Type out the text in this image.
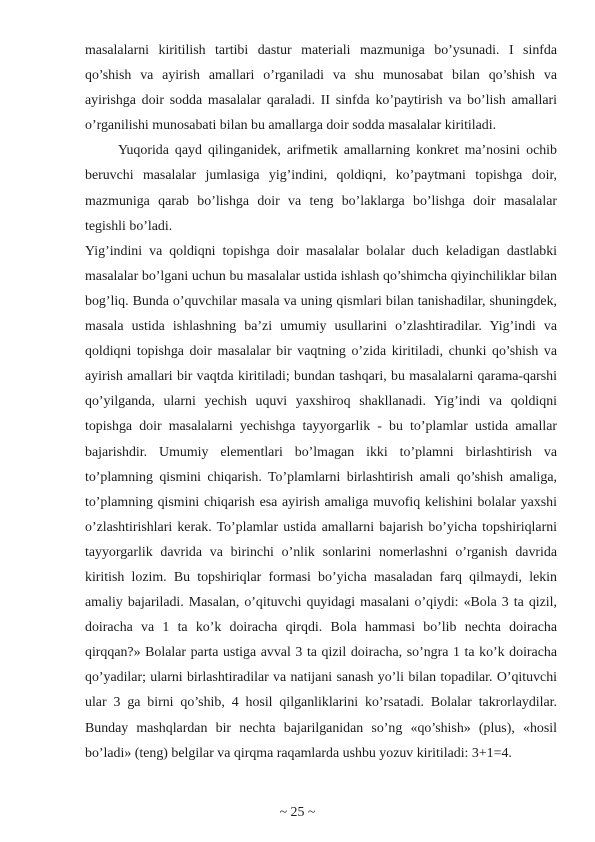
masalalarni kiritilish tartibi dastur materiali mazmuniga bo’ysunadi. I sinfda qo’shish va ayirish amallari o’rganiladi va shu munosabat bilan qo’shish va ayirishga doir sodda masalalar qaraladi. II sinfda ko’paytirish va bo’lish amallari o’rganilishi munosabati bilan bu amallarga doir sodda masalalar kiritiladi.

Yuqorida qayd qilinganidek, arifmetik amallarning konkret ma’nosini ochib beruvchi masalalar jumlasiga yig’indini, qoldiqni, ko’paytmani topishga doir, mazmuniga qarab bo’lishga doir va teng bo’laklarga bo’lishga doir masalalar tegishli bo’ladi.

Yig’indini va qoldiqni topishga doir masalalar bolalar duch keladigan dastlabki masalalar bo’lgani uchun bu masalalar ustida ishlash qo’shimcha qiyinchiliklar bilan bog’liq. Bunda o’quvchilar masala va uning qismlari bilan tanishadilar, shuningdek, masala ustida ishlashning ba’zi umumiy usullarini o’zlashtiradilar. Yig’indi va qoldiqni topishga doir masalalar bir vaqtning o’zida kiritiladi, chunki qo’shish va ayirish amallari bir vaqtda kiritiladi; bundan tashqari, bu masalalarni qarama-qarshi qo’yilganda, ularni yechish uquvi yaxshiroq shakllanadi. Yig’indi va qoldiqni topishga doir masalalarni yechishga tayyorgarlik - bu to’plamlar ustida amallar bajarishdir. Umumiy elementlari bo’lmagan ikki to’plamni birlashtirish va to’plamning qismini chiqarish. To’plamlarni birlashtirish amali qo’shish amaliga, to’plamning qismini chiqarish esa ayirish amaliga muvofiq kelishini bolalar yaxshi o’zlashtirishlari kerak. To’plamlar ustida amallarni bajarish bo’yicha topshiriqlarni tayyorgarlik davrida va birinchi o’nlik sonlarini nomerlashni o’rganish davrida kiritish lozim. Bu topshiriqlar formasi bo’yicha masaladan farq qilmaydi, lekin amaliy bajariladi. Masalan, o’qituvchi quyidagi masalani o’qiydi: «Bola 3 ta qizil, doiracha va 1 ta ko’k doiracha qirqdi. Bola hammasi bo’lib nechta doiracha qirqqan?» Bolalar parta ustiga avval 3 ta qizil doiracha, so’ngra 1 ta ko’k doiracha qo’yadilar; ularni birlashtiradilar va natijani sanash yo’li bilan topadilar. O’qituvchi ular 3 ga birni qo’shib, 4 hosil qilganliklarini ko’rsatadi. Bolalar takrorlaydilar. Bunday mashqlardan bir nechta bajarilganidan so’ng «qo’shish» (plus), «hosil bo’ladi» (teng) belgilar va qirqma raqamlarda ushbu yozuv kiritiladi: 3+1=4.

~ 25 ~
